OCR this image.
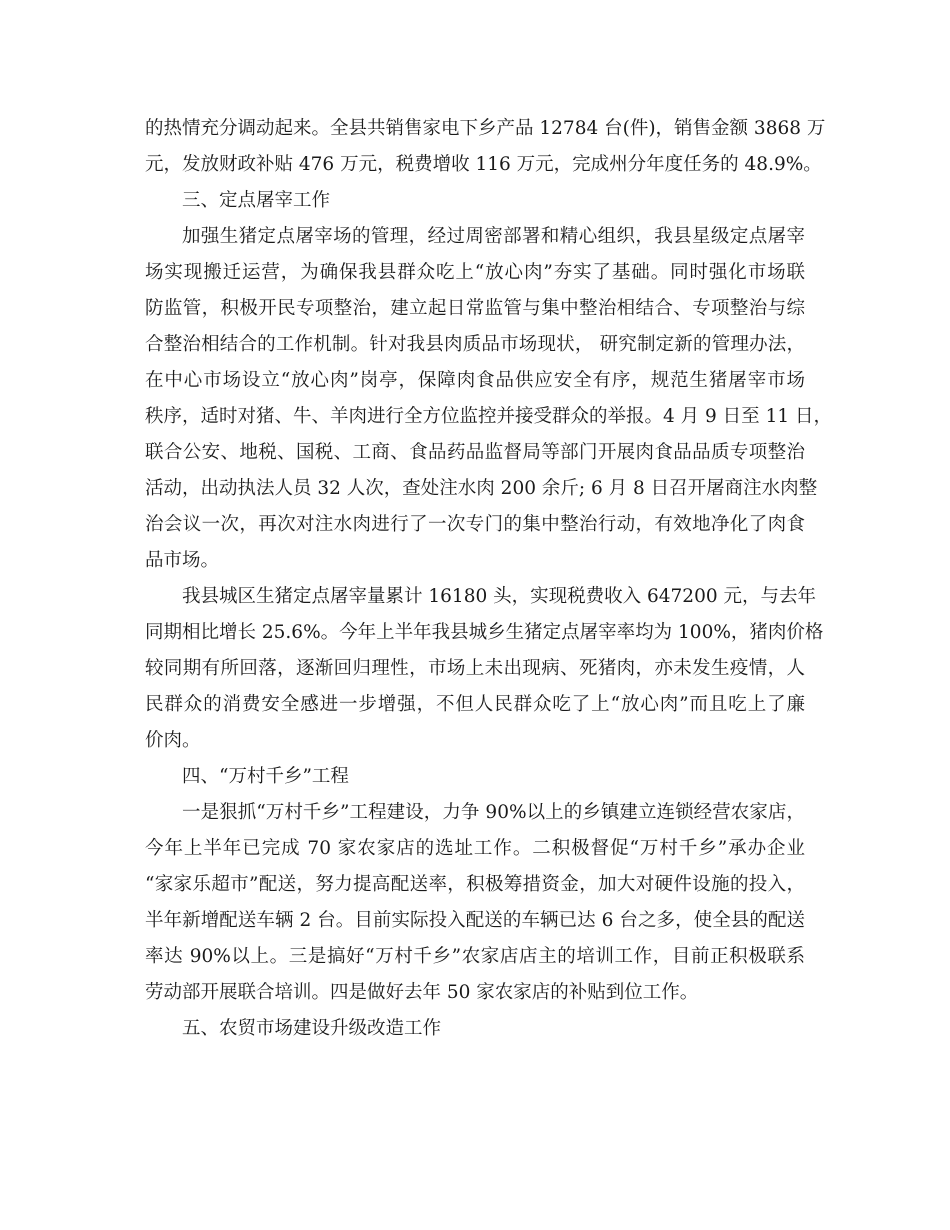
的热情充分调动起来。全县共销售家电下乡产品 12784 台(件)，销售金额 3868 万
元，发放财政补贴 476 万元，税费增收 116 万元，完成州分年度任务的 48.9%。
三、定点屠宰工作
加强生猪定点屠宰场的管理，经过周密部署和精心组织，我县星级定点屠宰
场实现搬迁运营，为确保我县群众吃上“放心肉”夯实了基础。同时强化市场联
防监管，积极开民专项整治，建立起日常监管与集中整治相结合、专项整治与综
合整治相结合的工作机制。针对我县肉质品市场现状， 研究制定新的管理办法，
在中心市场设立“放心肉”岗亭，保障肉食品供应安全有序，规范生猪屠宰市场
秩序，适时对猪、牛、羊肉进行全方位监控并接受群众的举报。4 月 9 日至 11 日，
联合公安、地税、国税、工商、食品药品监督局等部门开展肉食品品质专项整治
活动，出动执法人员 32 人次，查处注水肉 200 余斤; 6 月 8 日召开屠商注水肉整
治会议一次，再次对注水肉进行了一次专门的集中整治行动，有效地净化了肉食
品市场。
我县城区生猪定点屠宰量累计 16180 头，实现税费收入 647200 元，与去年
同期相比增长 25.6%。今年上半年我县城乡生猪定点屠宰率均为 100%，猪肉价格
较同期有所回落，逐渐回归理性，市场上未出现病、死猪肉，亦未发生疫情，人
民群众的消费安全感进一步增强，不但人民群众吃了上“放心肉”而且吃上了廉
价肉。
四、“万村千乡”工程
一是狠抓“万村千乡”工程建设，力争 90%以上的乡镇建立连锁经营农家店，
今年上半年已完成 70 家农家店的选址工作。二积极督促“万村千乡”承办企业
“家家乐超市”配送，努力提高配送率，积极筹措资金，加大对硬件设施的投入，
半年新增配送车辆 2 台。目前实际投入配送的车辆已达 6 台之多，使全县的配送
率达 90%以上。三是搞好“万村千乡”农家店店主的培训工作，目前正积极联系
劳动部开展联合培训。四是做好去年 50 家农家店的补贴到位工作。
五、农贸市场建设升级改造工作
